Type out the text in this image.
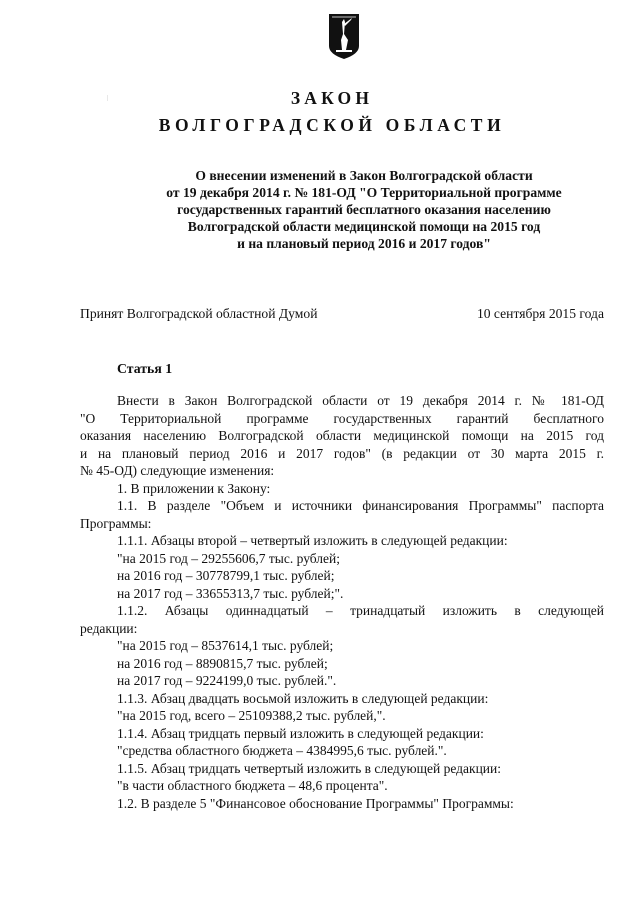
ЗАКОН
ВОЛГОГРАДСКОЙ ОБЛАСТИ
О внесении изменений в Закон Волгоградской области
от 19 декабря 2014 г. № 181-ОД "О Территориальной программе
государственных гарантий бесплатного оказания населению
Волгоградской области медицинской помощи на 2015 год
и на плановый период 2016 и 2017 годов"
Принят Волгоградской областной Думой	10 сентября 2015 года
Статья 1
Внести в Закон Волгоградской области от 19 декабря 2014 г. № 181-ОД
"О Территориальной программе государственных гарантий бесплатного
оказания населению Волгоградской области медицинской помощи на 2015 год
и на плановый период 2016 и 2017 годов" (в редакции от 30 марта 2015 г.
№ 45-ОД) следующие изменения:
1. В приложении к Закону:
1.1. В разделе "Объем и источники финансирования Программы" паспорта
Программы:
1.1.1. Абзацы второй – четвертый изложить в следующей редакции:
"на 2015 год – 29255606,7 тыс. рублей;
на 2016 год – 30778799,1 тыс. рублей;
на 2017 год – 33655313,7 тыс. рублей;".
1.1.2. Абзацы одиннадцатый – тринадцатый изложить в следующей
редакции:
"на 2015 год – 8537614,1 тыс. рублей;
на 2016 год – 8890815,7 тыс. рублей;
на 2017 год – 9224199,0 тыс. рублей.".
1.1.3. Абзац двадцать восьмой изложить в следующей редакции:
"на 2015 год, всего – 25109388,2 тыс. рублей,".
1.1.4. Абзац тридцать первый изложить в следующей редакции:
"средства областного бюджета – 4384995,6 тыс. рублей.".
1.1.5. Абзац тридцать четвертый изложить в следующей редакции:
"в части областного бюджета – 48,6 процента".
1.2. В разделе 5 "Финансовое обоснование Программы" Программы:
